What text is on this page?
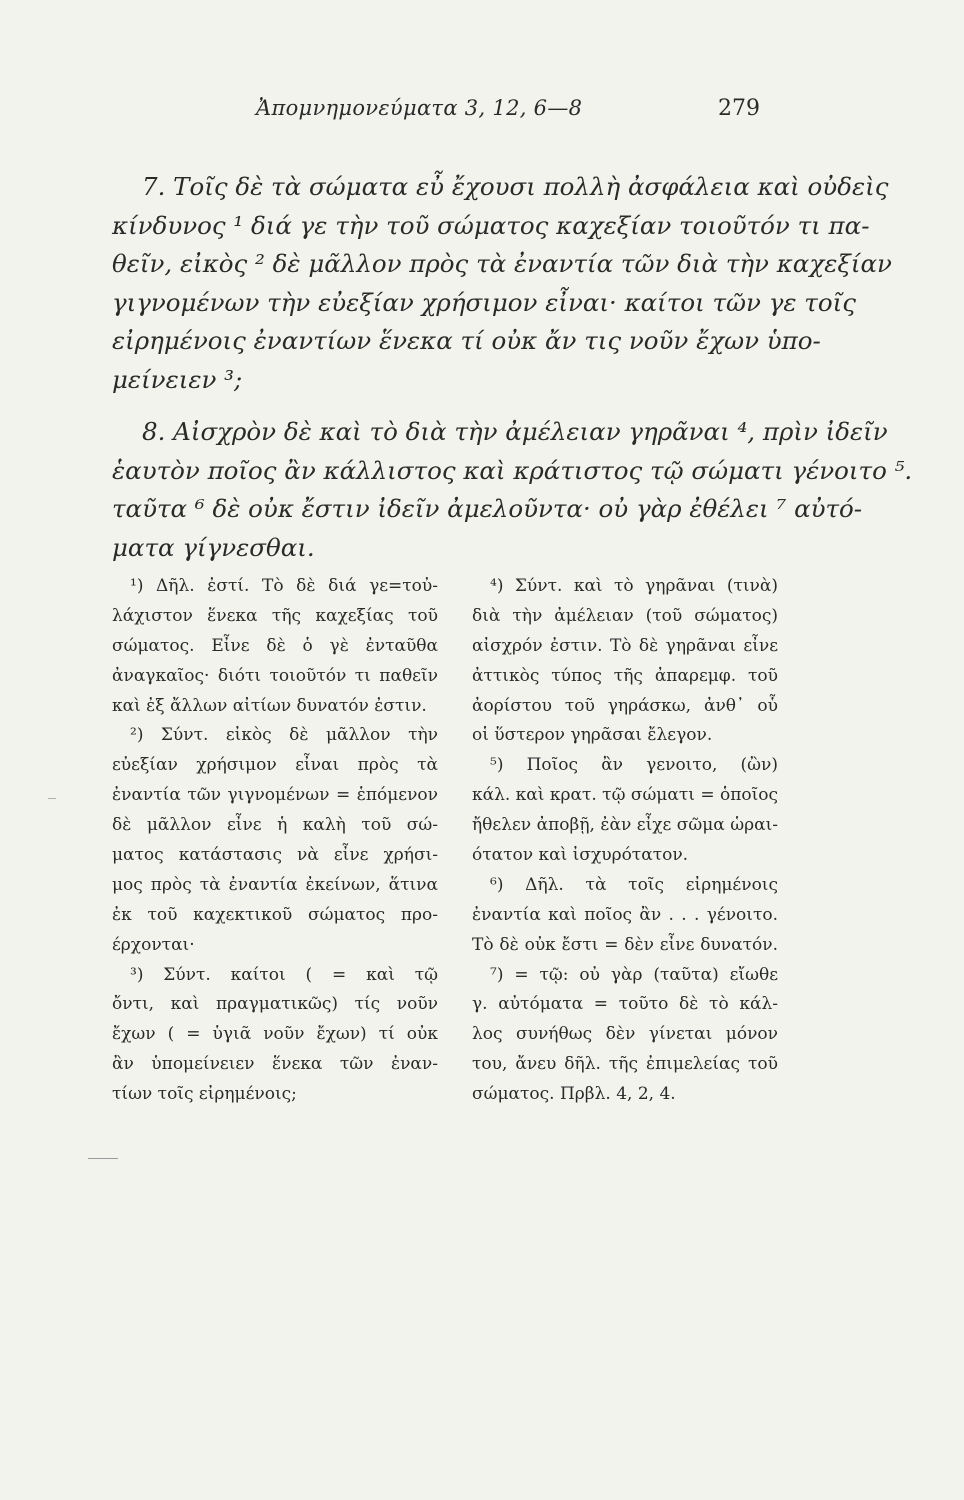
Ἀπομνημονεύματα 3, 12, 6—8	279
7. Τοῖς δὲ τὰ σώματα εὖ ἔχουσι πολλὴ ἀσφάλεια καὶ οὐδεὶς
κίνδυνος ¹ διά γε τὴν τοῦ σώματος καχεξίαν τοιοῦτόν τι πα-
θεῖν, εἰκὸς ² δὲ μᾶλλον πρὸς τὰ ἐναντία τῶν διὰ τὴν καχεξίαν
γιγνομένων τὴν εὐεξίαν χρήσιμον εἶναι· καίτοι τῶν γε τοῖς
εἰρημένοις ἐναντίων ἕνεκα τί οὐκ ἄν τις νοῦν ἔχων ὑπο-
μείνειεν ³;
8. Αἰσχρὸν δὲ καὶ τὸ διὰ τὴν ἀμέλειαν γηρᾶναι ⁴, πρὶν ἰδεῖν
ἑαυτὸν ποῖος ἂν κάλλιστος καὶ κράτιστος τῷ σώματι γένοιτο ⁵.
ταῦτα ⁶ δὲ οὐκ ἔστιν ἰδεῖν ἀμελοῦντα· οὐ γὰρ ἐθέλει ⁷ αὐτό-
ματα γίγνεσθαι.
¹) Δῆλ. ἐστί. Τὸ δὲ διά γε=τοὐ-
λάχιστον ἕνεκα τῆς καχεξίας τοῦ
σώματος. Εἶνε δὲ ὁ γὲ ἐνταῦθα
ἀναγκαῖος· διότι τοιοῦτόν τι παθεῖν
καὶ ἐξ ἄλλων αἰτίων δυνατόν ἐστιν.
²) Σύντ. εἰκὸς δὲ μᾶλλον τὴν
εὐεξίαν χρήσιμον εἶναι πρὸς τὰ
ἐναντία τῶν γιγνομένων = ἑπόμενον
δὲ μᾶλλον εἶνε ἡ καλὴ τοῦ σώ-
ματος κατάστασις νὰ εἶνε χρήσι-
μος πρὸς τὰ ἐναντία ἐκείνων, ἅτινα
ἐκ τοῦ καχεκτικοῦ σώματος προ-
έρχονται·
³) Σύντ. καίτοι ( = καὶ τῷ
ὄντι, καὶ πραγματικῶς) τίς νοῦν
ἔχων ( = ὑγιᾶ νοῦν ἔχων) τί οὐκ
ἂν ὑπομείνειεν ἕνεκα τῶν ἐναν-
τίων τοῖς εἰρημένοις;
⁴) Σύντ. καὶ τὸ γηρᾶναι (τινὰ)
διὰ τὴν ἀμέλειαν (τοῦ σώματος)
αἰσχρόν ἐστιν. Τὸ δὲ γηρᾶναι εἶνε
ἀττικὸς τύπος τῆς ἀπαρεμφ. τοῦ
ἀορίστου τοῦ γηράσκω, ἀνθ᾽ οὗ
οἱ ὕστερον γηρᾶσαι ἔλεγον.
⁵) Ποῖος ἂν γενοιτο, (ὢν)
κάλ. καὶ κρατ. τῷ σώματι = ὁποῖος
ἤθελεν ἀποβῇ, ἐὰν εἶχε σῶμα ὡραι-
ότατον καὶ ἰσχυρότατον.
⁶) Δῆλ. τὰ τοῖς εἰρημένοις
ἐναντία καὶ ποῖος ἂν . . . γένοιτο.
Τὸ δὲ οὐκ ἔστι = δὲν εἶνε δυνατόν.
⁷) = τῷ: οὐ γὰρ (ταῦτα) εἴωθε
γ. αὐτόματα = τοῦτο δὲ τὸ κάλ-
λος συνήθως δὲν γίνεται μόνον
του, ἄνευ δῆλ. τῆς ἐπιμελείας τοῦ
σώματος. Πρβλ. 4, 2, 4.
